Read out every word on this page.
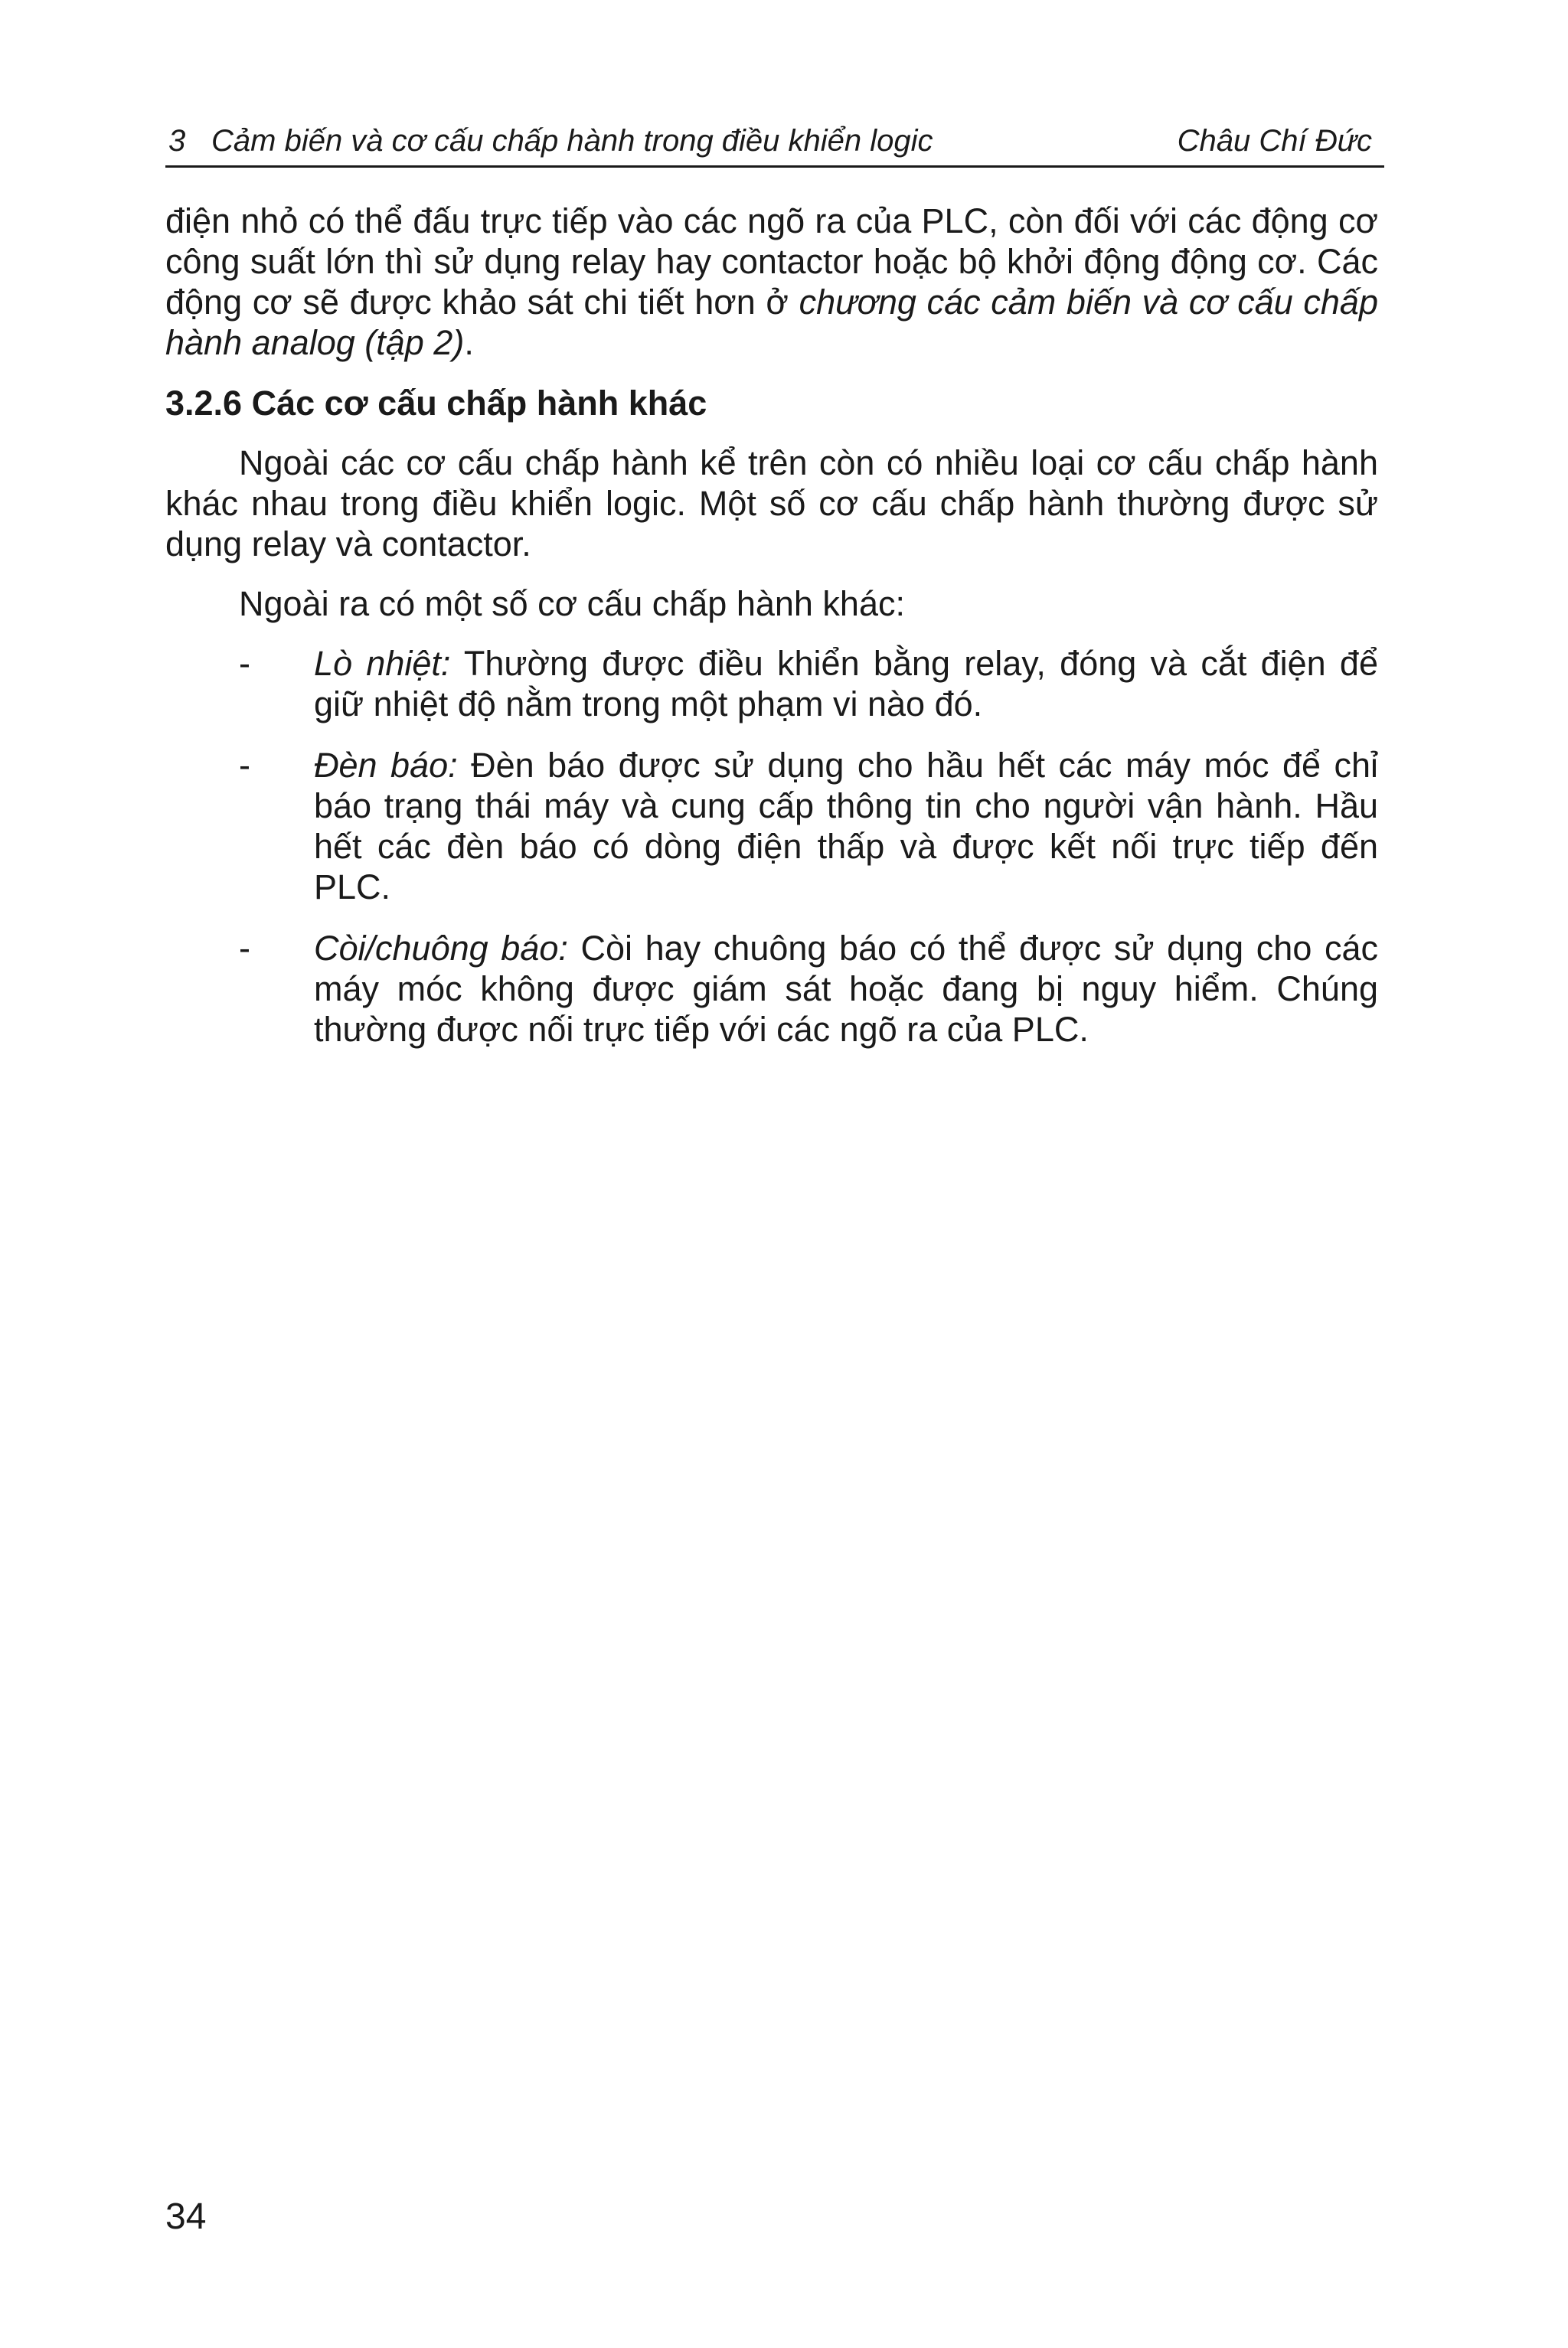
3 Cảm biến và cơ cấu chấp hành trong điều khiển logic	Châu Chí Đức

điện nhỏ có thể đấu trực tiếp vào các ngõ ra của PLC, còn đối với các động cơ công suất lớn thì sử dụng relay hay contactor hoặc bộ khởi động động cơ. Các động cơ sẽ được khảo sát chi tiết hơn ở chương các cảm biến và cơ cấu chấp hành analog (tập 2).

3.2.6 Các cơ cấu chấp hành khác

Ngoài các cơ cấu chấp hành kể trên còn có nhiều loại cơ cấu chấp hành khác nhau trong điều khiển logic. Một số cơ cấu chấp hành thường được sử dụng relay và contactor.

Ngoài ra có một số cơ cấu chấp hành khác:

- Lò nhiệt: Thường được điều khiển bằng relay, đóng và cắt điện để giữ nhiệt độ nằm trong một phạm vi nào đó.

- Đèn báo: Đèn báo được sử dụng cho hầu hết các máy móc để chỉ báo trạng thái máy và cung cấp thông tin cho người vận hành. Hầu hết các đèn báo có dòng điện thấp và được kết nối trực tiếp đến PLC.

- Còi/chuông báo: Còi hay chuông báo có thể được sử dụng cho các máy móc không được giám sát hoặc đang bị nguy hiểm. Chúng thường được nối trực tiếp với các ngõ ra của PLC.

34
